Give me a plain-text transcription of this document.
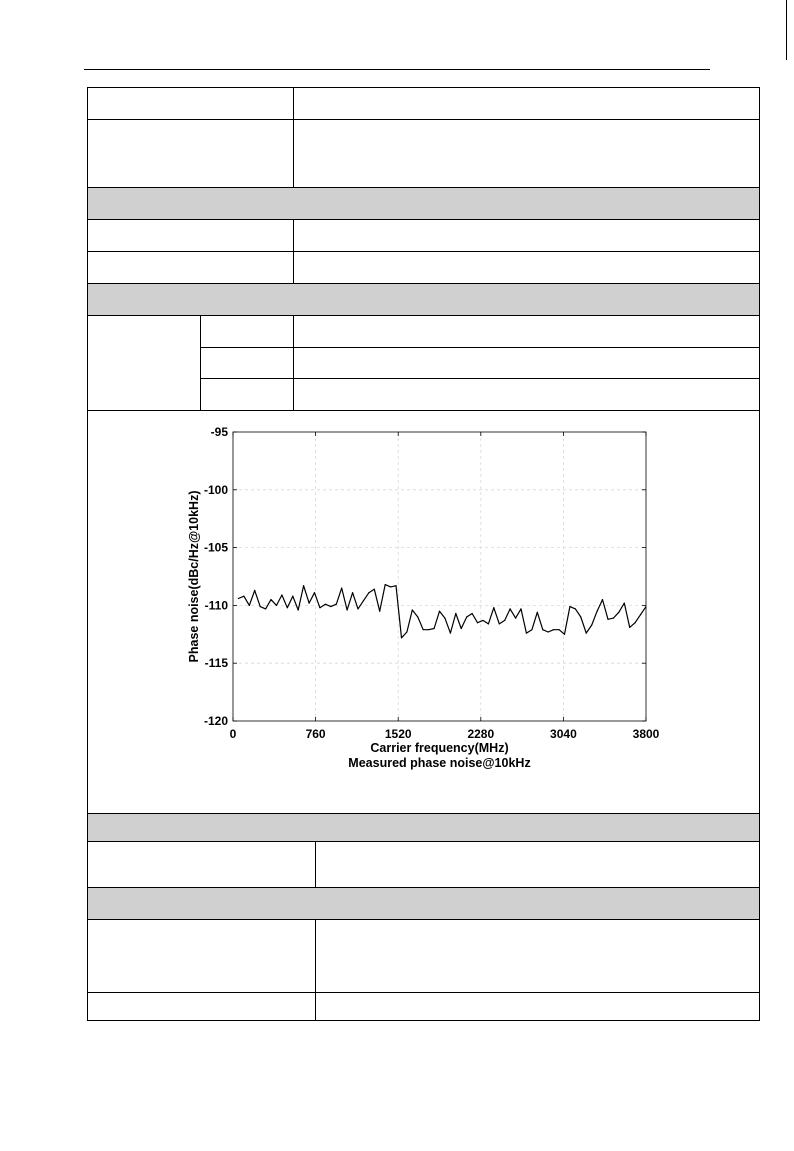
0	760	1520	2280	3040	3800
-95
-100
-105
-110
-115
-120
Carrier frequency(MHz)
Measured phase noise@10kHz
Phase noise(dBc/Hz@10kHz)
